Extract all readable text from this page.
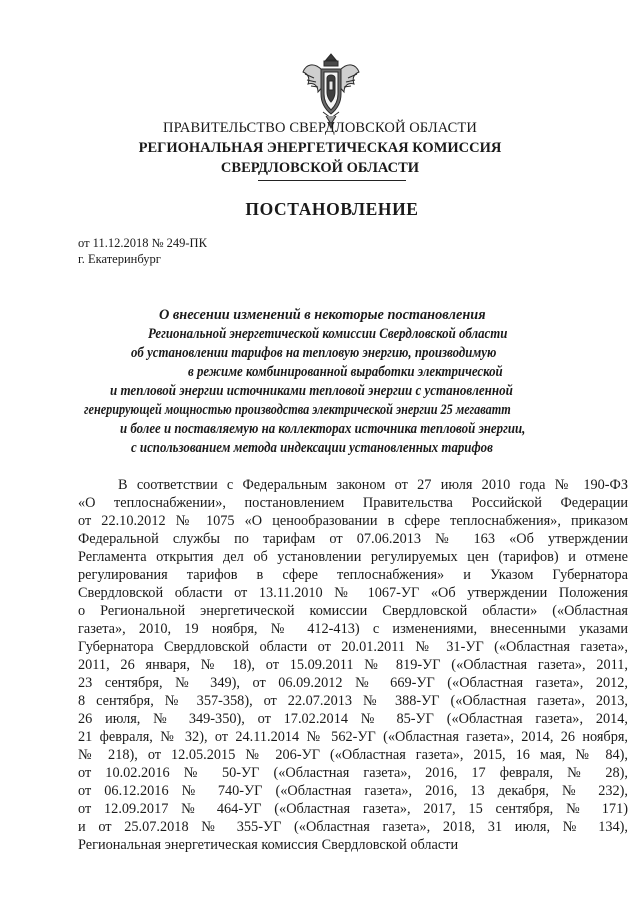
ПРАВИТЕЛЬСТВО СВЕРДЛОВСКОЙ ОБЛАСТИ
РЕГИОНАЛЬНАЯ ЭНЕРГЕТИЧЕСКАЯ КОМИССИЯ
СВЕРДЛОВСКОЙ ОБЛАСТИ
ПОСТАНОВЛЕНИЕ
от 11.12.2018 № 249-ПК
г. Екатеринбург
О внесении изменений в некоторые постановления
Региональной энергетической комиссии Свердловской области
об установлении тарифов на тепловую энергию, производимую
в режиме комбинированной выработки электрической
и тепловой энергии источниками тепловой энергии с установленной
генерирующей мощностью производства электрической энергии 25 мегаватт
и более и поставляемую на коллекторах источника тепловой энергии,
с использованием метода индексации установленных тарифов
В соответствии с Федеральным законом от 27 июля 2010 года № 190-ФЗ
«О теплоснабжении», постановлением Правительства Российской Федерации
от 22.10.2012 № 1075 «О ценообразовании в сфере теплоснабжения», приказом
Федеральной службы по тарифам от 07.06.2013 № 163 «Об утверждении
Регламента открытия дел об установлении регулируемых цен (тарифов) и отмене
регулирования тарифов в сфере теплоснабжения» и Указом Губернатора
Свердловской области от 13.11.2010 № 1067-УГ «Об утверждении Положения
о Региональной энергетической комиссии Свердловской области» («Областная
газета», 2010, 19 ноября, № 412-413) с изменениями, внесенными указами
Губернатора Свердловской области от 20.01.2011 № 31-УГ («Областная газета»,
2011, 26 января, № 18), от 15.09.2011 № 819-УГ («Областная газета», 2011,
23 сентября, № 349), от 06.09.2012 № 669-УГ («Областная газета», 2012,
8 сентября, № 357-358), от 22.07.2013 № 388-УГ («Областная газета», 2013,
26 июля, № 349-350), от 17.02.2014 № 85-УГ («Областная газета», 2014,
21 февраля, № 32), от 24.11.2014 № 562-УГ («Областная газета», 2014, 26 ноября,
№ 218), от 12.05.2015 № 206-УГ («Областная газета», 2015, 16 мая, № 84),
от 10.02.2016 № 50-УГ («Областная газета», 2016, 17 февраля, № 28),
от 06.12.2016 № 740-УГ («Областная газета», 2016, 13 декабря, № 232),
от 12.09.2017 № 464-УГ («Областная газета», 2017, 15 сентября, № 171)
и от 25.07.2018 № 355-УГ («Областная газета», 2018, 31 июля, № 134),
Региональная энергетическая комиссия Свердловской области
